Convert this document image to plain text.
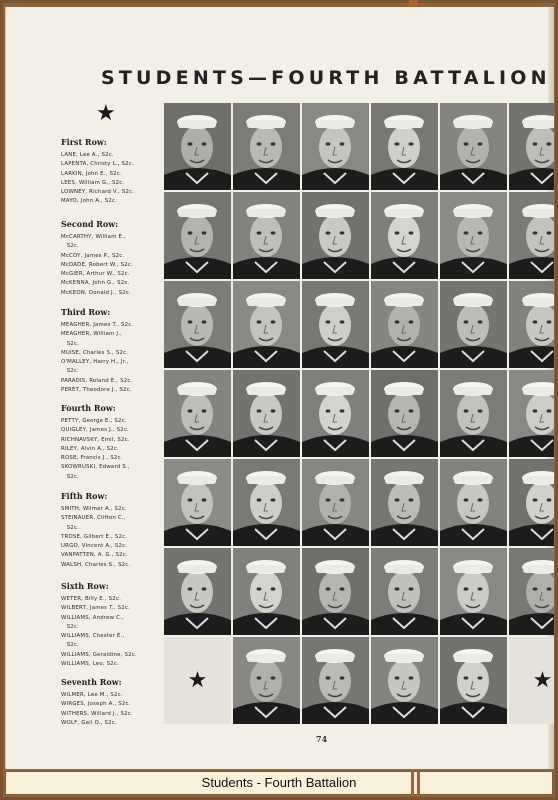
STUDENTS—FOURTH BATTALION
★
First Row:
LANE, Lee A., S2c.
LAPENTA, Christy L., S2c.
LARKIN, John E., S2c.
LEES, William G., S2c.
LOWNEY, Richard V., S2c.
MAYO, John A., S2c.
Second Row:
McCARTHY, William E.,
S2c.
McCOY, James P., S2c.
McDADE, Robert W., S2c.
McGIER, Arthur W., S2c.
McKENNA, John G., S2c.
McKEON, Donald J., S2c.
Third Row:
MEAGHER, James T., S2c.
MEAGHER, William J.,
S2c.
MUISE, Charles S., S2c.
O'MALLEY, Harry H., Jr.,
S2c.
PARADIS, Roland E., S2c.
PERET, Theodore J., S2c.
Fourth Row:
PETTY, George E., S2c.
QUIGLEY, James J., S2c.
RICHNAVSKY, Emil, S2c.
RILEY, Alvin A., S2c.
ROSE, Francis J., S2c.
SKOWRUSKI, Edward S.,
S2c.
Fifth Row:
SMITH, Wilmer A., S2c.
STEINAUER, Clifton C.,
S2c.
TROSE, Gilbert E., S2c.
URGO, Vincent A., S2c.
VANPATTEN, A. G., S2c.
WALSH, Charles S., S2c.
Sixth Row:
WETER, Billy E., S2c.
WILBERT, James T., S2c.
WILLIAMS, Andrew C.,
S2c.
WILLIAMS, Chester E.,
S2c.
WILLIAMS, Geraldine, S2c.
WILLIAMS, Leo, S2c.
Seventh Row:
WILMER, Lee M., S2c.
WIRGES, Joseph A., S2c.
WITHERS, Willard J., S2c.
WOLF, Gail O., S2c.
★	★
74
Students - Fourth Battalion
